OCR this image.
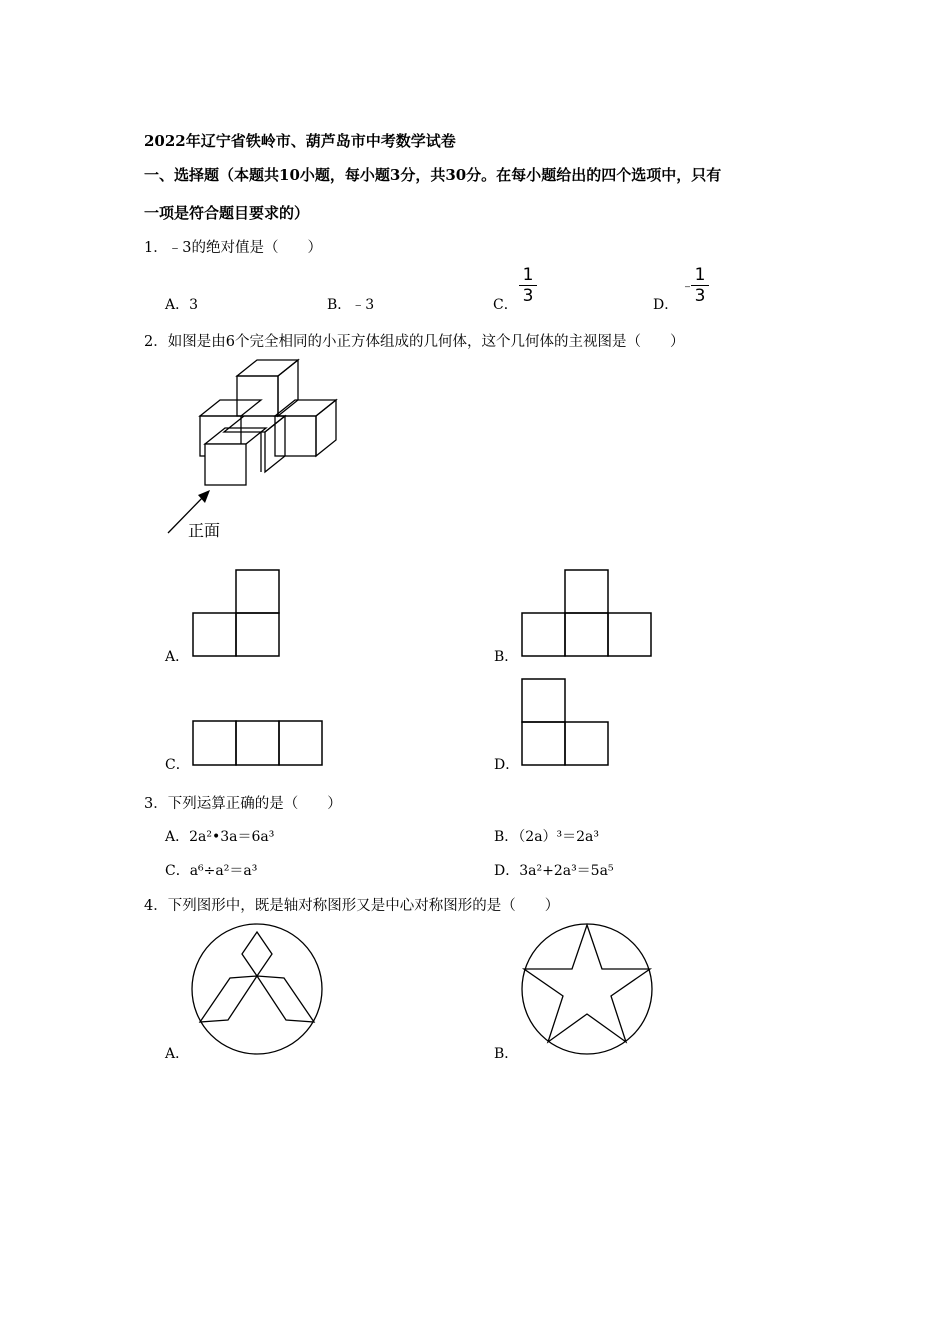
2022年辽宁省铁岭市、葫芦岛市中考数学试卷
一、选择题（本题共10小题，每小题3分，共30分。在每小题给出的四个选项中，只有
一项是符合题目要求的）
1．﹣3的绝对值是（　　）
A．3	B．﹣3	C．
1
3	D．
﹣
1
3
2．如图是由6个完全相同的小正方体组成的几何体，这个几何体的主视图是（　　）
正面
A．	B．
C．	D．
3．下列运算正确的是（　　）
A．2a²•3a＝6a³	B．（2a）³＝2a³
C．a⁶÷a²＝a³	D．3a²+2a³＝5a⁵
4．下列图形中，既是轴对称图形又是中心对称图形的是（　　）
A．	B．
